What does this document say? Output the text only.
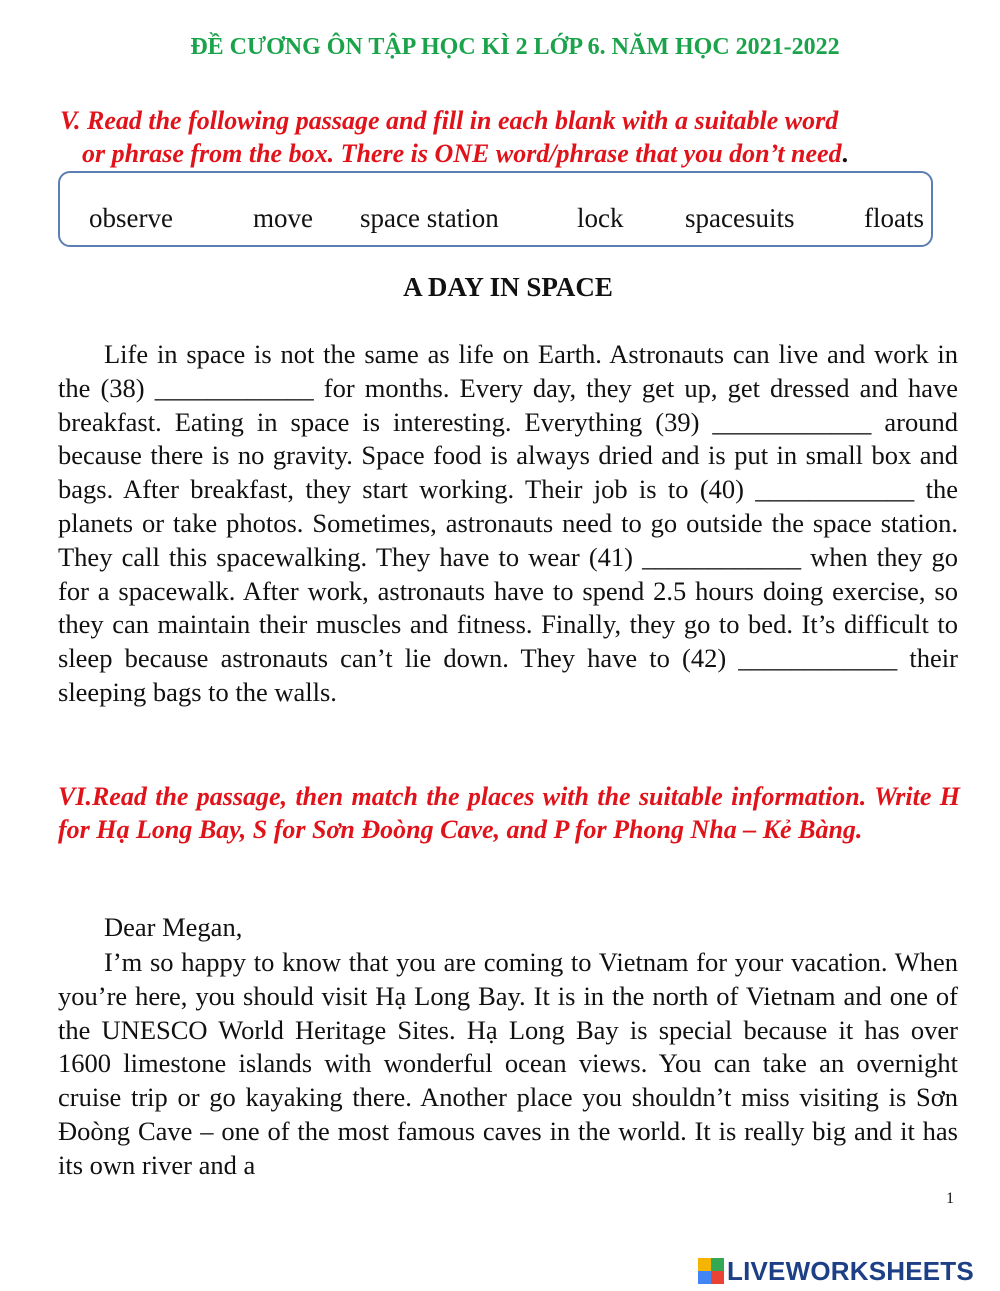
ĐỀ CƯƠNG ÔN TẬP HỌC KÌ 2 LỚP 6. NĂM HỌC 2021-2022
V. Read the following passage and fill in each blank with a suitable word
or phrase from the box. There is ONE word/phrase that you don’t need.
observe	move space station	lock spacesuits	floats
A DAY IN SPACE

Life in space is not the same as life on Earth. Astronauts can live and work in the (38) ____________ for months. Every day, they get up, get dressed and have breakfast. Eating in space is interesting. Everything (39) ____________ around because there is no gravity. Space food is always dried and is put in small box and bags. After breakfast, they start working. Their job is to (40) ____________ the planets or take photos. Sometimes, astronauts need to go outside the space station. They call this spacewalking. They have to wear (41) ____________ when they go for a spacewalk. After work, astronauts have to spend 2.5 hours doing exercise, so they can maintain their muscles and fitness. Finally, they go to bed. It’s difficult to sleep because astronauts can’t lie down. They have to (42) ____________ their sleeping bags to the walls.

VI.Read the passage, then match the places with the suitable information. Write H for Hạ Long Bay, S for Sơn Đoòng Cave, and P for Phong Nha – Kẻ Bàng.
Dear Megan,

I’m so happy to know that you are coming to Vietnam for your vacation. When you’re here, you should visit Hạ Long Bay. It is in the north of Vietnam and one of the UNESCO World Heritage Sites. Hạ Long Bay is special because it has over 1600 limestone islands with wonderful ocean views. You can take an overnight cruise trip or go kayaking there. Another place you shouldn’t miss visiting is Sơn Đoòng Cave – one of the most famous caves in the world. It is really big and it has its own river and a

1
LIVEWORKSHEETS
